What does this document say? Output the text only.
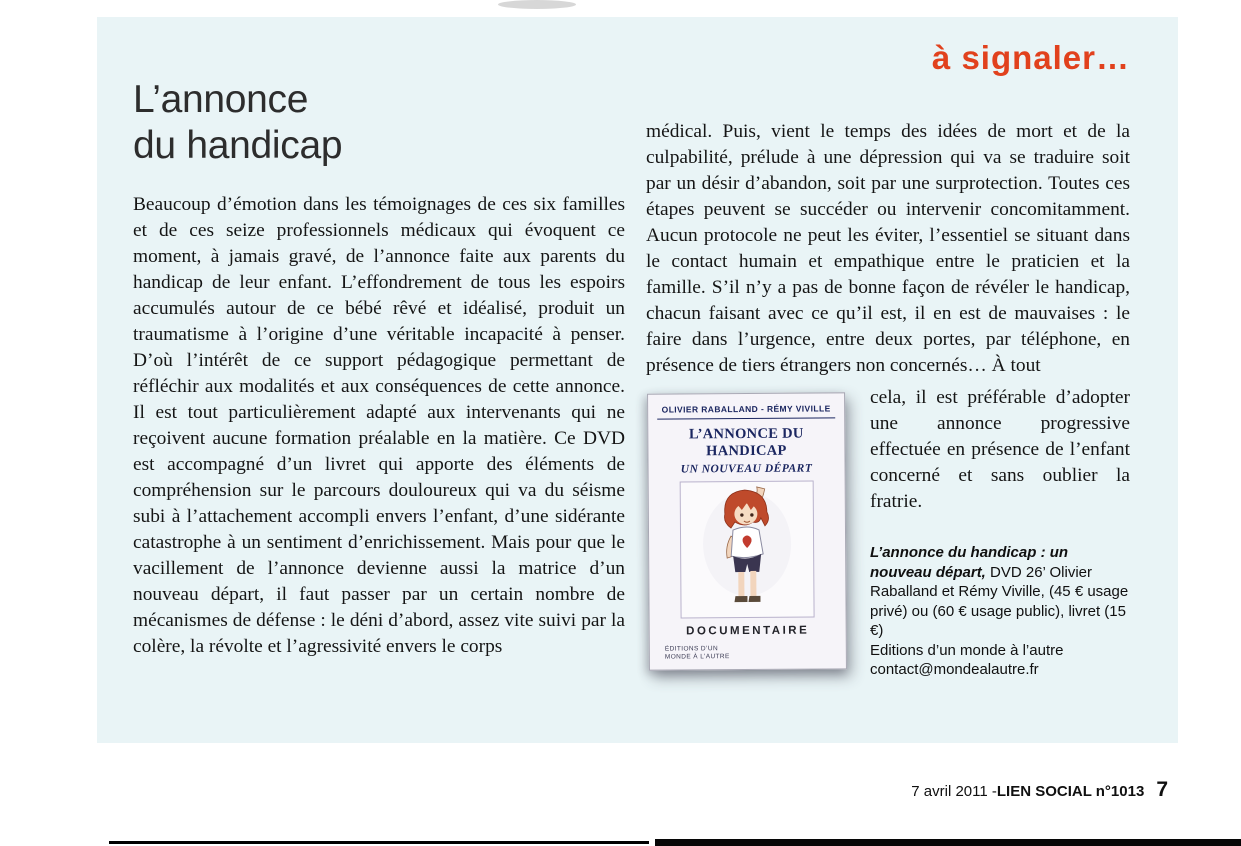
à signaler…
L’annonce
du handicap

Beaucoup d’émotion dans les témoignages de ces six familles et de ces seize professionnels médicaux qui évoquent ce moment, à jamais gravé, de l’annonce faite aux parents du handicap de leur enfant. L’effondrement de tous les espoirs accumulés autour de ce bébé rêvé et idéalisé, produit un traumatisme à l’origine d’une véritable incapacité à penser. D’où l’intérêt de ce support pédagogique permettant de réfléchir aux modalités et aux conséquences de cette annonce. Il est tout particulièrement adapté aux intervenants qui ne reçoivent aucune formation préalable en la matière. Ce DVD est accompagné d’un livret qui apporte des éléments de compréhension sur le parcours douloureux qui va du séisme subi à l’attachement accompli envers l’enfant, d’une sidérante catastrophe à un sentiment d’enrichissement. Mais pour que le vacillement de l’annonce devienne aussi la matrice d’un nouveau départ, il faut passer par un certain nombre de mécanismes de défense : le déni d’abord, assez vite suivi par la colère, la révolte et l’agressivité envers le corps

médical. Puis, vient le temps des idées de mort et de la culpabilité, prélude à une dépression qui va se traduire soit par un désir d’abandon, soit par une surprotection. Toutes ces étapes peuvent se succéder ou intervenir concomitamment. Aucun protocole ne peut les éviter, l’essentiel se situant dans le contact humain et empathique entre le praticien et la famille. S’il n’y a pas de bonne façon de révéler le handicap, chacun faisant avec ce qu’il est, il en est de mauvaises : le faire dans l’urgence, entre deux portes, par téléphone, en présence de tiers étrangers non concernés… À tout

OLIVIER RABALLAND - RÉMY VIVILLE
L’ANNONCE DU HANDICAP
UN NOUVEAU DÉPART
DOCUMENTAIRE
ÉDITIONS D’UN MONDE À L’AUTRE

cela, il est préférable d’adopter une annonce progressive effectuée en présence de l’enfant concerné et sans oublier la fratrie.

L’annonce du handicap : un nouveau départ, DVD 26’ Olivier Raballand et Rémy Viville, (45 € usage privé) ou (60 € usage public), livret (15 €)
Editions d’un monde à l’autre
contact@mondealautre.fr
7 avril 2011 - LIEN SOCIAL n°1013 7
